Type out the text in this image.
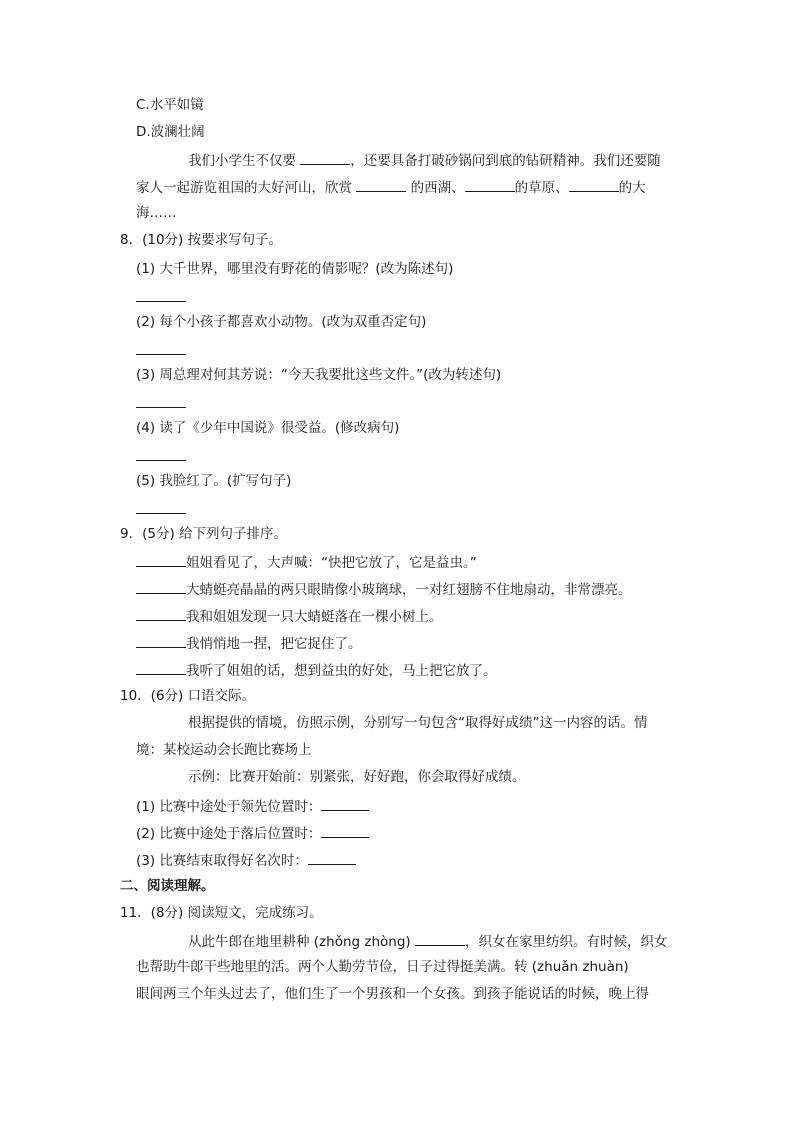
C.水平如镜
D.波澜壮阔
我们小学生不仅要	，还要具备打破砂锅问到底的钻研精神。我们还要随
家人一起游览祖国的大好河山，欣赏	的西湖、	的草原、	的大
海……
8．(10分) 按要求写句子。
(1) 大千世界，哪里没有野花的倩影呢？(改为陈述句)
(2) 每个小孩子都喜欢小动物。(改为双重否定句)
(3) 周总理对何其芳说：“今天我要批这些文件。”(改为转述句)
(4) 读了《少年中国说》很受益。(修改病句)
(5) 我脸红了。(扩写句子)
9．(5分) 给下列句子排序。
姐姐看见了，大声喊：“快把它放了，它是益虫。”
大蜻蜓亮晶晶的两只眼睛像小玻璃球，一对红翅膀不住地扇动，非常漂亮。
我和姐姐发现一只大蜻蜓落在一棵小树上。
我悄悄地一捏，把它捉住了。
我听了姐姐的话，想到益虫的好处，马上把它放了。
10．(6分) 口语交际。
根据提供的情境，仿照示例，分别写一句包含“取得好成绩”这一内容的话。情
境：某校运动会长跑比赛场上
示例：比赛开始前：别紧张，好好跑，你会取得好成绩。
(1) 比赛中途处于领先位置时：
(2) 比赛中途处于落后位置时：
(3) 比赛结束取得好名次时：
二、阅读理解。
11．(8分) 阅读短文，完成练习。
从此牛郎在地里耕种 (zhǒng zhòng)	，织女在家里纺织。有时候，织女
也帮助牛郎干些地里的活。两个人勤劳节俭，日子过得挺美满。转 (zhuǎn zhuàn)
眼间两三个年头过去了，他们生了一个男孩和一个女孩。到孩子能说话的时候，晚上得
